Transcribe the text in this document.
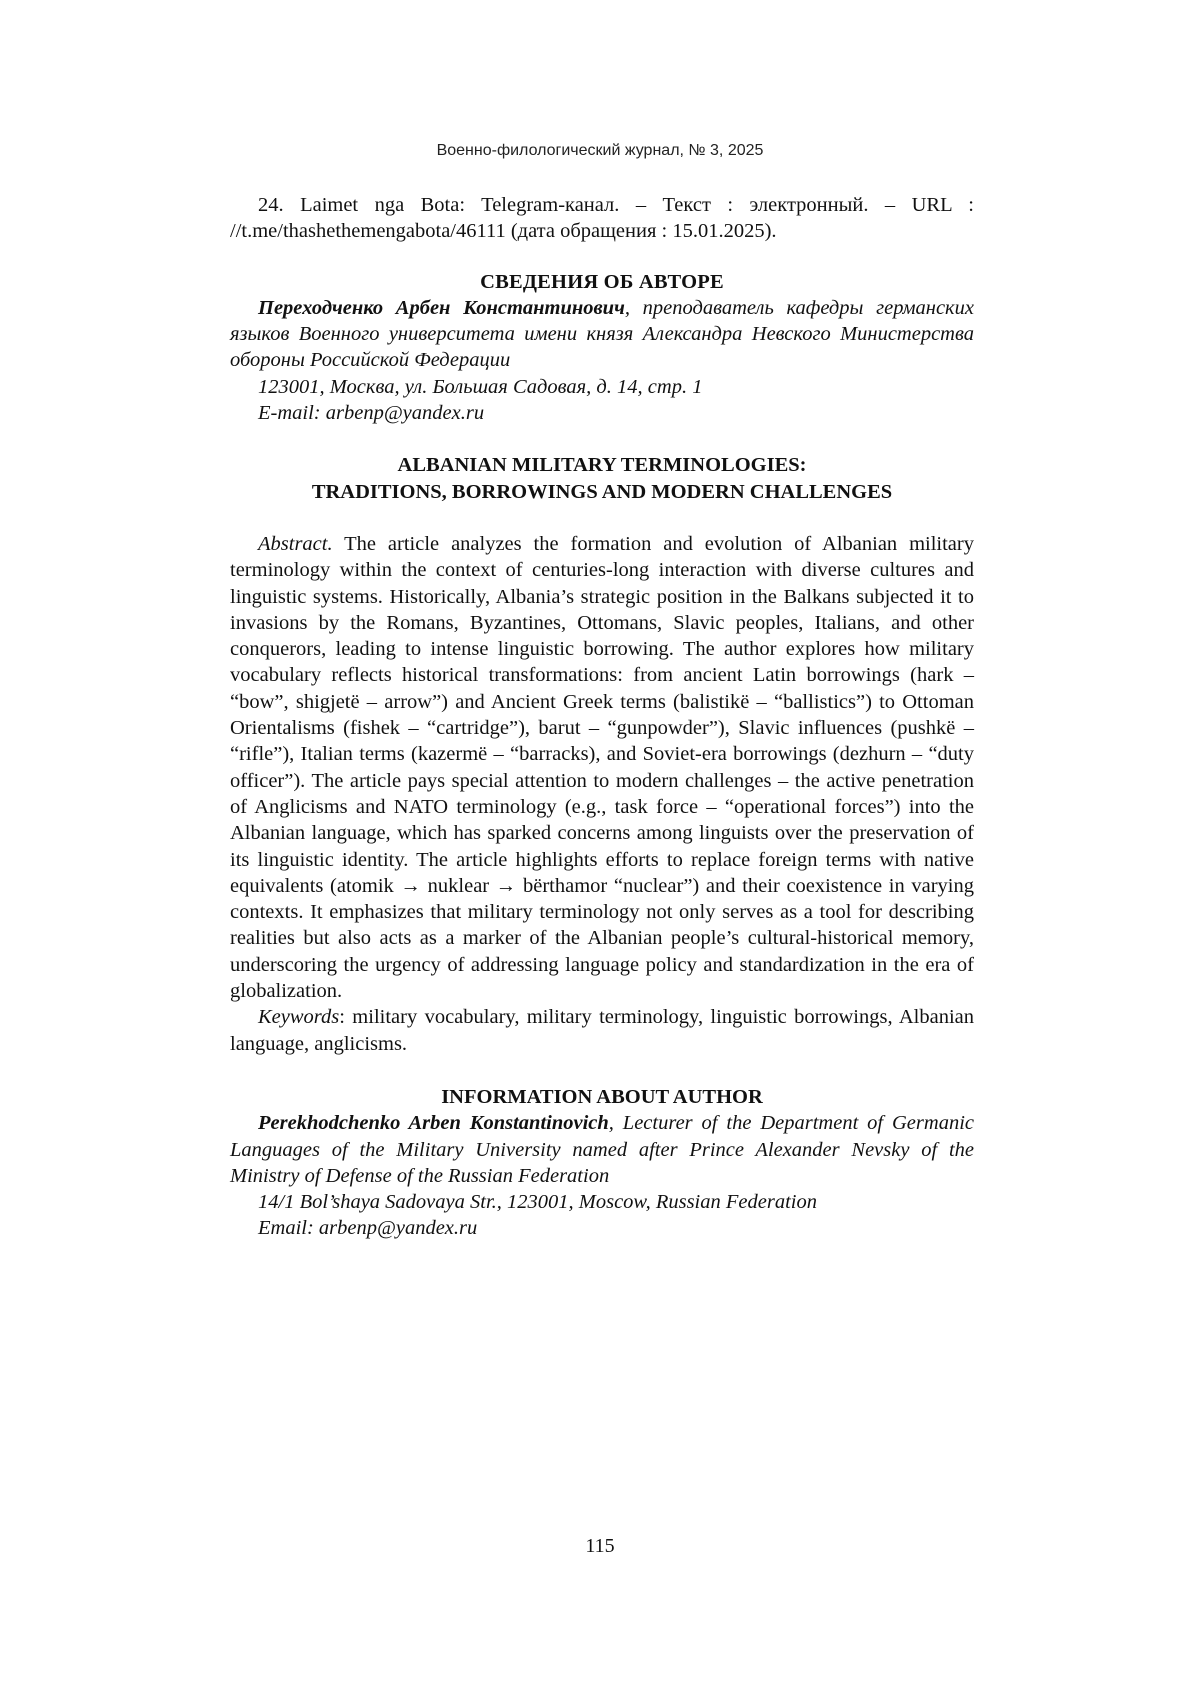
Военно-филологический журнал, № 3, 2025

24. Laimet nga Bota: Telegram-канал. – Текст : электронный. – URL : //t.me/thashethemengabota/46111 (дата обращения : 15.01.2025).

СВЕДЕНИЯ ОБ АВТОРЕ

Переходченко Арбен Константинович, преподаватель кафедры германских языков Военного университета имени князя Александра Невского Министерства обороны Российской Федерации

123001, Москва, ул. Большая Садовая, д. 14, стр. 1

E-mail: arbenp@yandex.ru

ALBANIAN MILITARY TERMINOLOGIES:

TRADITIONS, BORROWINGS AND MODERN CHALLENGES

Abstract. The article analyzes the formation and evolution of Albanian military terminology within the context of centuries-long interaction with diverse cultures and linguistic systems. Historically, Albania’s strategic position in the Balkans subjected it to invasions by the Romans, Byzantines, Ottomans, Slavic peoples, Italians, and other conquerors, leading to intense linguistic borrowing. The author explores how military vocabulary reflects historical transformations: from ancient Latin borrowings (hark – “bow”, shigjetë – arrow”) and Ancient Greek terms (balistikë – “ballistics”) to Ottoman Orientalisms (fishek – “cartridge”), barut – “gunpowder”), Slavic influences (pushkë – “rifle”), Italian terms (kazermë – “barracks), and Soviet-era borrowings (dezhurn – “duty officer”). The article pays special attention to modern challenges – the active penetration of Anglicisms and NATO terminology (e.g., task force – “operational forces”) into the Albanian language, which has sparked concerns among linguists over the preservation of its linguistic identity. The article highlights efforts to replace foreign terms with native equivalents (atomik → nuklear → bërthamor “nuclear”) and their coexistence in varying contexts. It emphasizes that military terminology not only serves as a tool for describing realities but also acts as a marker of the Albanian people’s cultural-historical memory, underscoring the urgency of addressing language policy and standardization in the era of globalization.

Keywords: military vocabulary, military terminology, linguistic borrowings, Albanian language, anglicisms.

INFORMATION ABOUT AUTHOR

Perekhodchenko Arben Konstantinovich, Lecturer of the Department of Germanic Languages of the Military University named after Prince Alexander Nevsky of the Ministry of Defense of the Russian Federation

14/1 Bol’shaya Sadovaya Str., 123001, Moscow, Russian Federation

Email: arbenp@yandex.ru

115
